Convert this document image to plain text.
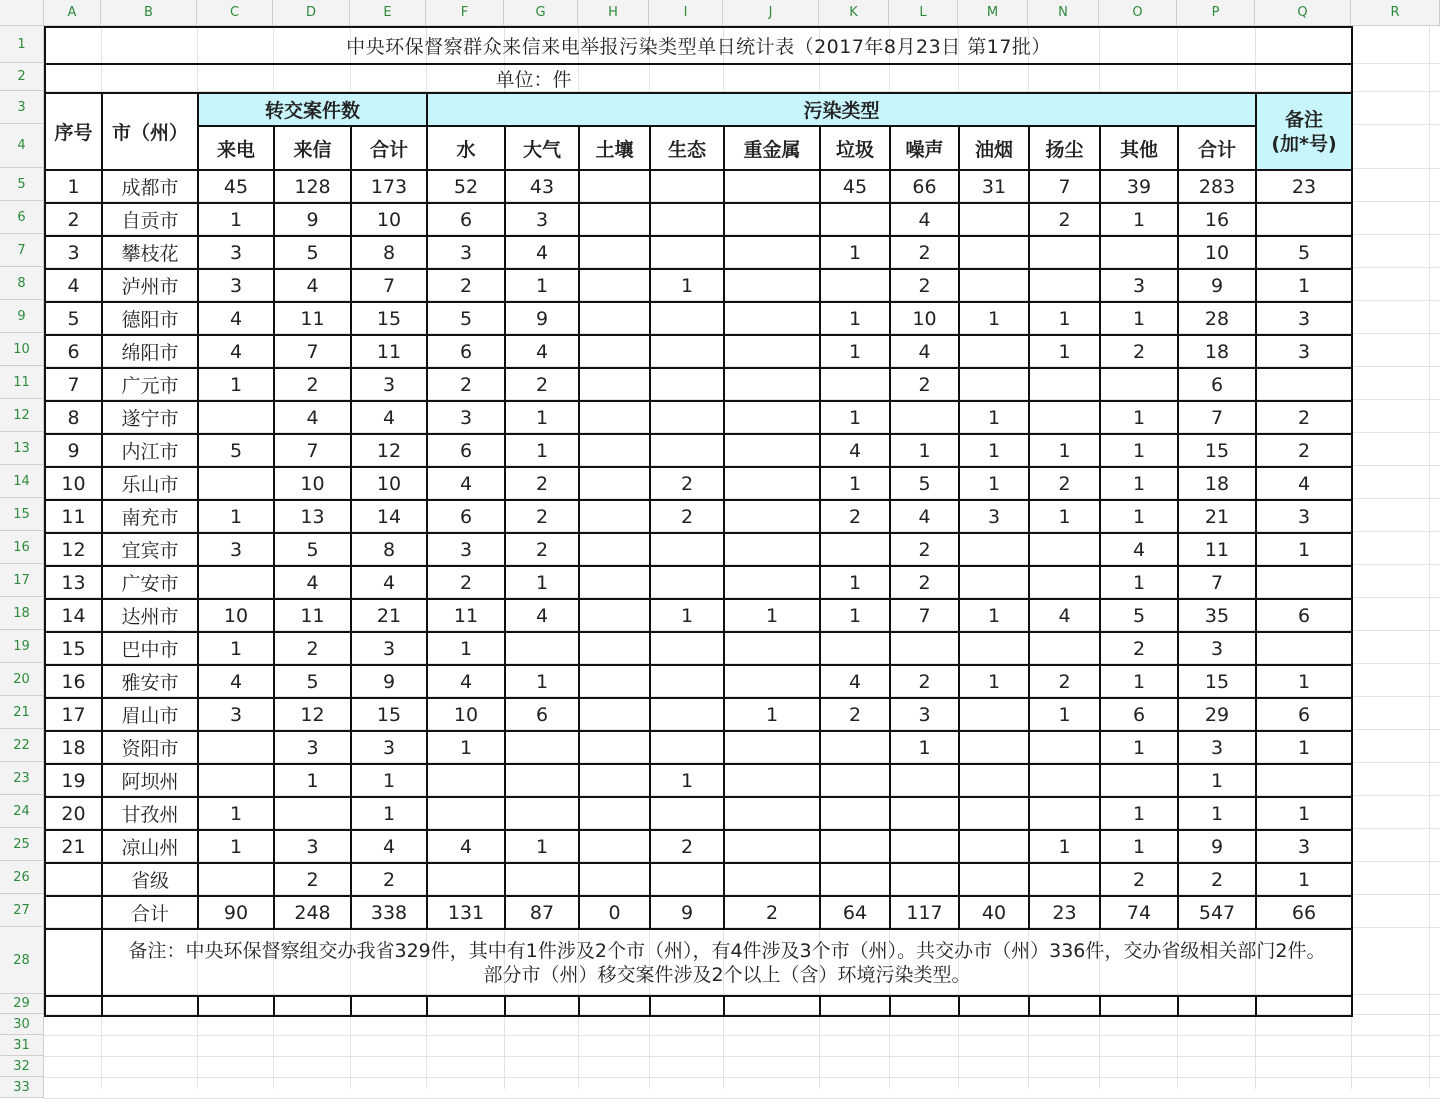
A	B	C	D	E	F	G	H	I	J	K	L	M	N	O	P	Q	R
1
2
3
4
5
6
7
8
9
10
11
12
13
14
15
16
17
18
19
20
21
22
23
24
25
26
27
28
29
30
31
32
33
中央环保督察群众来信来电举报污染类型单日统计表（2017年8月23日 第17批）																
单位：件																
序号	市（州）	转交案件数			污染类型											备注
(加*号)
		来电	来信	合计	水	大气	土壤	生态	重金属	垃圾	噪声	油烟	扬尘	其他	合计	
1	成都市	45	128	173	52	43				45	66	31	7	39	283	23
2	自贡市	1	9	10	6	3					4		2	1	16	
3	攀枝花	3	5	8	3	4				1	2				10	5
4	泸州市	3	4	7	2	1		1			2			3	9	1
5	德阳市	4	11	15	5	9				1	10	1	1	1	28	3
6	绵阳市	4	7	11	6	4				1	4		1	2	18	3
7	广元市	1	2	3	2	2					2				6	
8	遂宁市		4	4	3	1				1		1		1	7	2
9	内江市	5	7	12	6	1				4	1	1	1	1	15	2
10	乐山市		10	10	4	2		2		1	5	1	2	1	18	4
11	南充市	1	13	14	6	2		2		2	4	3	1	1	21	3
12	宜宾市	3	5	8	3	2					2			4	11	1
13	广安市		4	4	2	1				1	2			1	7	
14	达州市	10	11	21	11	4		1	1	1	7	1	4	5	35	6
15	巴中市	1	2	3	1									2	3	
16	雅安市	4	5	9	4	1				4	2	1	2	1	15	1
17	眉山市	3	12	15	10	6			1	2	3		1	6	29	6
18	资阳市		3	3	1						1			1	3	1
19	阿坝州		1	1				1							1	
20	甘孜州	1		1										1	1	1
21	凉山州	1	3	4	4	1		2					1	1	9	3
	省级		2	2										2	2	1
	合计	90	248	338	131	87	0	9	2	64	117	40	23	74	547	66

	备注：中央环保督察组交办我省329件，其中有1件涉及2个市（州），有4件涉及3个市（州）。共交办市（州）336件，交办省级相关部门2件。
部分市（州）移交案件涉及2个以上（含）环境污染类型。															
